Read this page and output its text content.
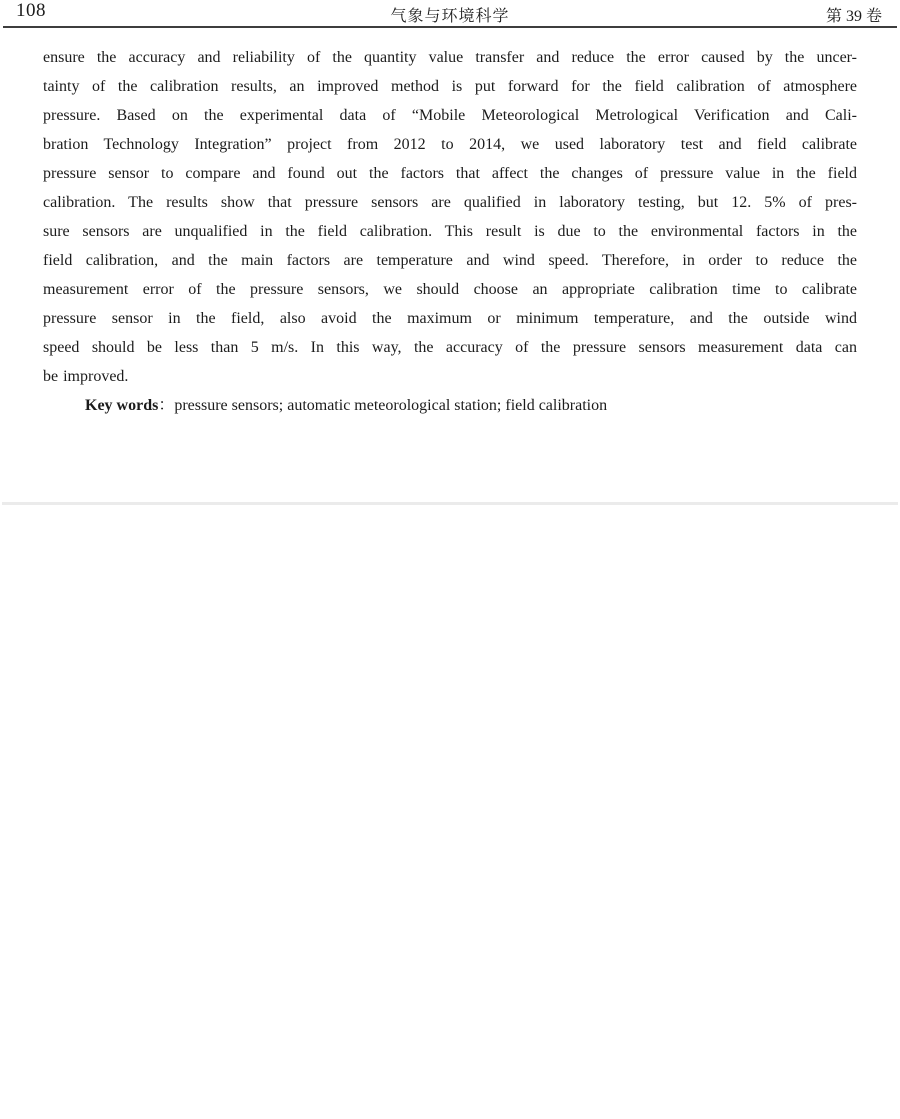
108	气象与环境科学	第 39 卷
ensure the accuracy and reliability of the quantity value transfer and reduce the error caused by the uncer-
tainty of the calibration results, an improved method is put forward for the field calibration of atmosphere
pressure. Based on the experimental data of “Mobile Meteorological Metrological Verification and Cali-
bration Technology Integration” project from 2012 to 2014, we used laboratory test and field calibrate
pressure sensor to compare and found out the factors that affect the changes of pressure value in the field
calibration. The results show that pressure sensors are qualified in laboratory testing, but 12. 5% of pres-
sure sensors are unqualified in the field calibration. This result is due to the environmental factors in the
field calibration, and the main factors are temperature and wind speed. Therefore, in order to reduce the
measurement error of the pressure sensors, we should choose an appropriate calibration time to calibrate
pressure sensor in the field, also avoid the maximum or minimum temperature, and the outside wind
speed should be less than 5 m/s. In this way, the accuracy of the pressure sensors measurement data can
be improved.
Key words：pressure sensors; automatic meteorological station; field calibration
